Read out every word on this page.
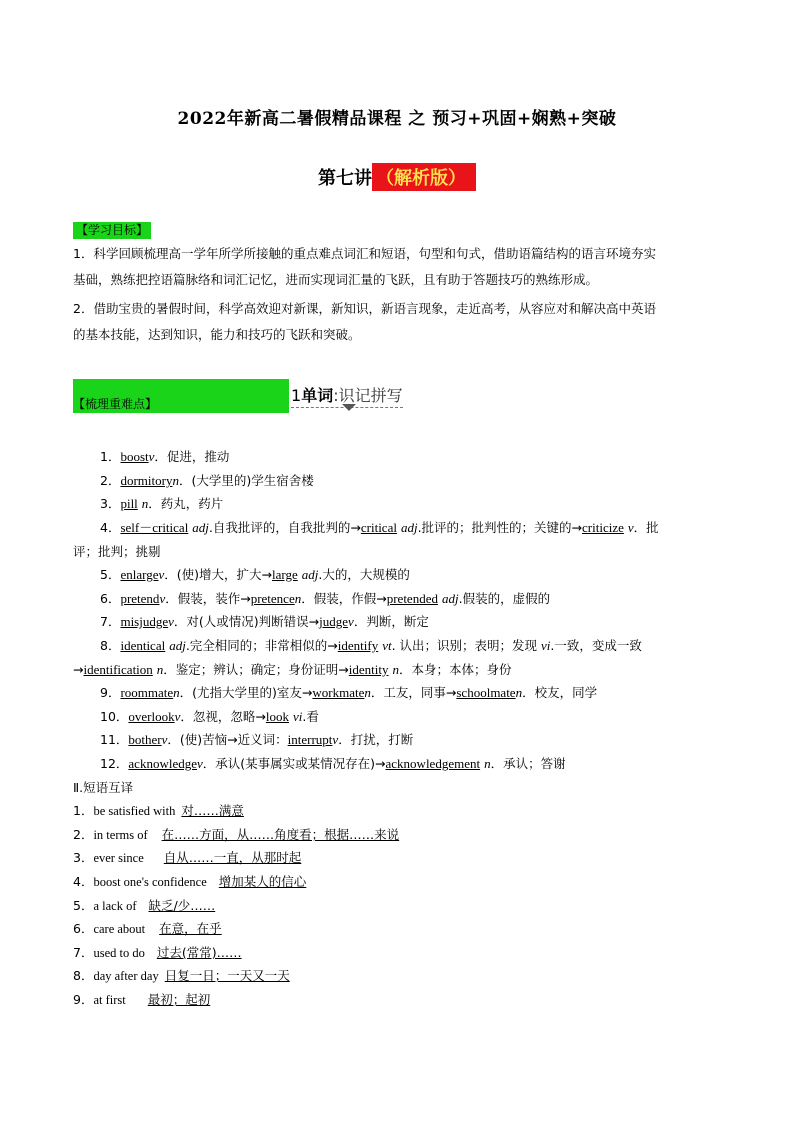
2022年新高二暑假精品课程 之 预习+巩固+娴熟+突破
第七讲 （解析版）
【学习目标】
1．科学回顾梳理高一学年所学所接触的重点难点词汇和短语，句型和句式，借助语篇结构的语言环境夯实
基础，熟练把控语篇脉络和词汇记忆，进而实现词汇量的飞跃，且有助于答题技巧的熟练形成。
2．借助宝贵的暑假时间，科学高效迎对新课，新知识，新语言现象，走近高考，从容应对和解决高中英语
的基本技能，达到知识，能力和技巧的飞跃和突破。
【梳理重难点】	1单词:识记拼写
1．boostv．促进，推动
2．dormitoryn．(大学里的)学生宿舍楼
3．pill n．药丸，药片
4．self－critical adj.自我批评的，自我批判的→critical adj.批评的；批判性的；关键的→criticize v．批
评；批判；挑剔
5．enlargev．(使)增大，扩大→large adj.大的，大规模的
6．pretendv．假装，装作→pretencen．假装，作假→pretended adj.假装的，虚假的
7．misjudgev．对(人或情况)判断错误→judgev．判断，断定
8．identical adj.完全相同的；非常相似的→identify vt. 认出；识别；表明；发现 vi.一致，变成一致
→identification n．鉴定；辨认；确定；身份证明→identity n．本身；本体；身份
9．roommaten．(尤指大学里的)室友→workmaten．工友，同事→schoolmaten．校友，同学
10．overlookv．忽视，忽略→look vi.看
11．botherv．(使)苦恼→近义词：interruptv．打扰，打断
12．acknowledgev．承认(某事属实或某情况存在)→acknowledgement n．承认；答谢
Ⅱ.短语互译
1．be satisfied with 对……满意
2．in terms of 在……方面，从……角度看；根据……来说
3．ever since 自从……一直，从那时起
4．boost one's confidence 增加某人的信心
5．a lack of 缺乏/少……
6．care about 在意，在乎
7．used to do 过去(常常)……
8．day after day 日复一日；一天又一天
9．at first 最初；起初
